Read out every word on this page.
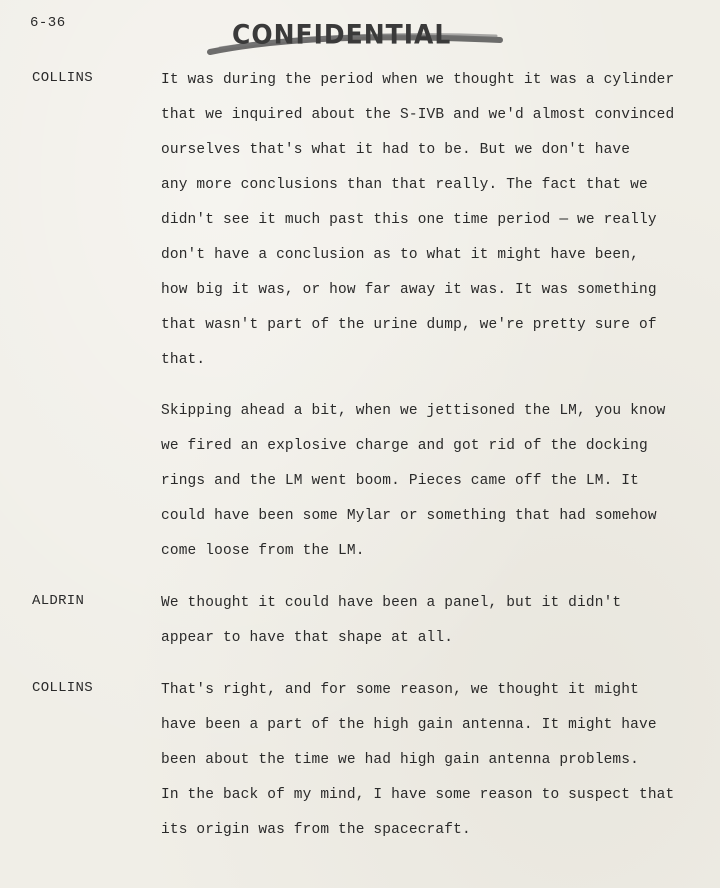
6-36	CONFIDENTIAL
COLLINS	It was during the period when we thought it was a cylinder
that we inquired about the S-IVB and we'd almost convinced
ourselves that's what it had to be. But we don't have
any more conclusions than that really. The fact that we
didn't see it much past this one time period — we really
don't have a conclusion as to what it might have been,
how big it was, or how far away it was. It was something
that wasn't part of the urine dump, we're pretty sure of
that.
Skipping ahead a bit, when we jettisoned the LM, you know
we fired an explosive charge and got rid of the docking
rings and the LM went boom. Pieces came off the LM. It
could have been some Mylar or something that had somehow
come loose from the LM.
ALDRIN	We thought it could have been a panel, but it didn't
appear to have that shape at all.
COLLINS	That's right, and for some reason, we thought it might
have been a part of the high gain antenna. It might have
been about the time we had high gain antenna problems.
In the back of my mind, I have some reason to suspect that
its origin was from the spacecraft.
